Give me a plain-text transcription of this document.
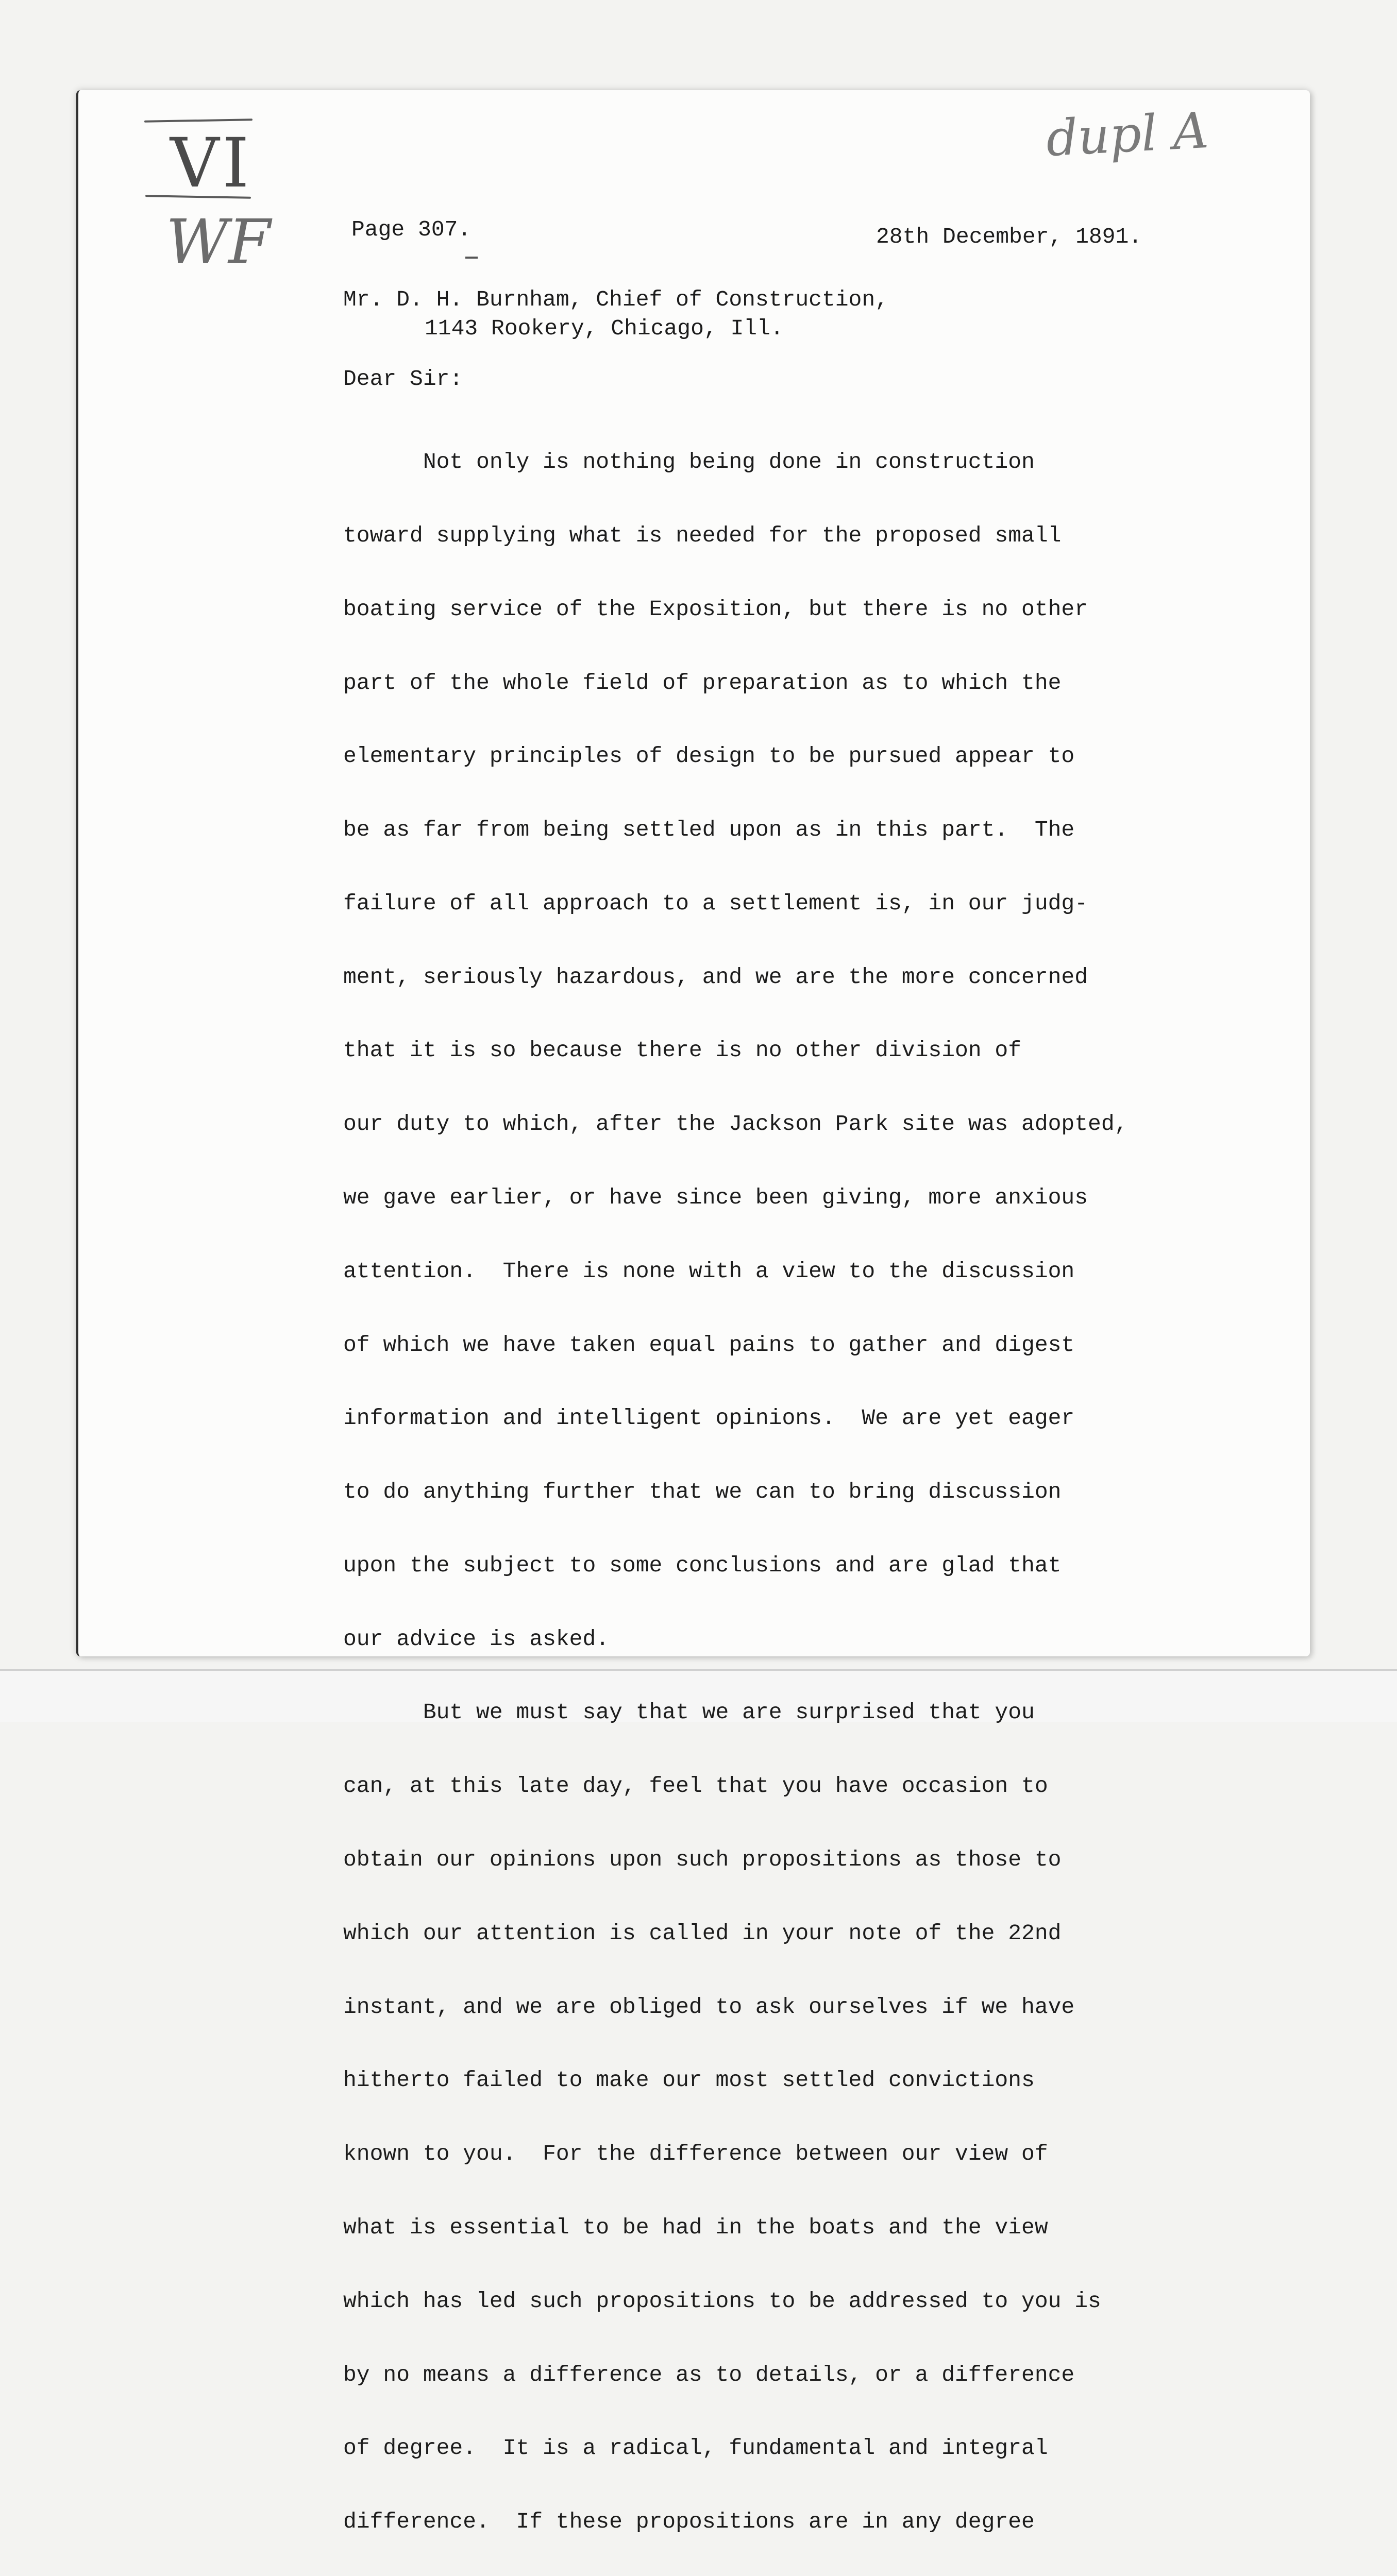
VI
WF
dupl A
Page 307.	28th December, 1891.
Mr. D. H. Burnham, Chief of Construction,
1143 Rookery, Chicago, Ill.
Dear Sir:

Not only is nothing being done in construction

toward supplying what is needed for the proposed small

boating service of the Exposition, but there is no other

part of the whole field of preparation as to which the

elementary principles of design to be pursued appear to

be as far from being settled upon as in this part.  The

failure of all approach to a settlement is, in our judg-

ment, seriously hazardous, and we are the more concerned

that it is so because there is no other division of

our duty to which, after the Jackson Park site was adopted,

we gave earlier, or have since been giving, more anxious

attention.  There is none with a view to the discussion

of which we have taken equal pains to gather and digest

information and intelligent opinions.  We are yet eager

to do anything further that we can to bring discussion

upon the subject to some conclusions and are glad that

our advice is asked.

But we must say that we are surprised that you

can, at this late day, feel that you have occasion to

obtain our opinions upon such propositions as those to

which our attention is called in your note of the 22nd

instant, and we are obliged to ask ourselves if we have

hitherto failed to make our most settled convictions

known to you.  For the difference between our view of

what is essential to be had in the boats and the view

which has led such propositions to be addressed to you is

by no means a difference as to details, or a difference

of degree.  It is a radical, fundamental and integral

difference.  If these propositions are in any degree
